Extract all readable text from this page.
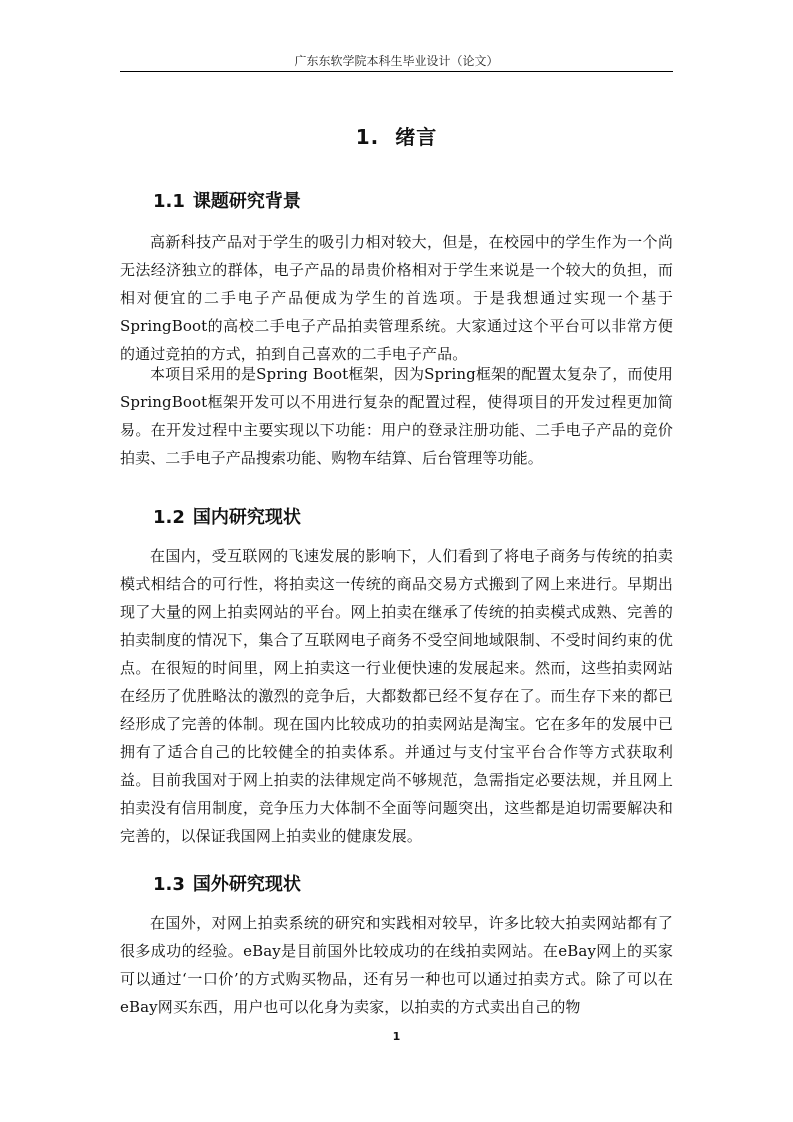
广东东软学院本科生毕业设计（论文）
1. 绪言
1.1 课题研究背景

高新科技产品对于学生的吸引力相对较大，但是，在校园中的学生作为一个尚无法经济独立的群体，电子产品的昂贵价格相对于学生来说是一个较大的负担，而相对便宜的二手电子产品便成为学生的首选项。于是我想通过实现一个基于SpringBoot的高校二手电子产品拍卖管理系统。大家通过这个平台可以非常方便的通过竞拍的方式，拍到自己喜欢的二手电子产品。

本项目采用的是Spring Boot框架，因为Spring框架的配置太复杂了，而使用SpringBoot框架开发可以不用进行复杂的配置过程，使得项目的开发过程更加简易。在开发过程中主要实现以下功能：用户的登录注册功能、二手电子产品的竞价拍卖、二手电子产品搜索功能、购物车结算、后台管理等功能。

1.2 国内研究现状

在国内，受互联网的飞速发展的影响下，人们看到了将电子商务与传统的拍卖模式相结合的可行性，将拍卖这一传统的商品交易方式搬到了网上来进行。早期出现了大量的网上拍卖网站的平台。网上拍卖在继承了传统的拍卖模式成熟、完善的拍卖制度的情况下，集合了互联网电子商务不受空间地域限制、不受时间约束的优点。在很短的时间里，网上拍卖这一行业便快速的发展起来。然而，这些拍卖网站在经历了优胜略汰的激烈的竞争后，大都数都已经不复存在了。而生存下来的都已经形成了完善的体制。现在国内比较成功的拍卖网站是淘宝。它在多年的发展中已拥有了适合自己的比较健全的拍卖体系。并通过与支付宝平台合作等方式获取利益。目前我国对于网上拍卖的法律规定尚不够规范，急需指定必要法规，并且网上拍卖没有信用制度，竞争压力大体制不全面等问题突出，这些都是迫切需要解决和完善的，以保证我国网上拍卖业的健康发展。

1.3 国外研究现状

在国外，对网上拍卖系统的研究和实践相对较早，许多比较大拍卖网站都有了很多成功的经验。eBay是目前国外比较成功的在线拍卖网站。在eBay网上的买家可以通过‘一口价’的方式购买物品，还有另一种也可以通过拍卖方式。除了可以在eBay网买东西，用户也可以化身为卖家，以拍卖的方式卖出自己的物

1
